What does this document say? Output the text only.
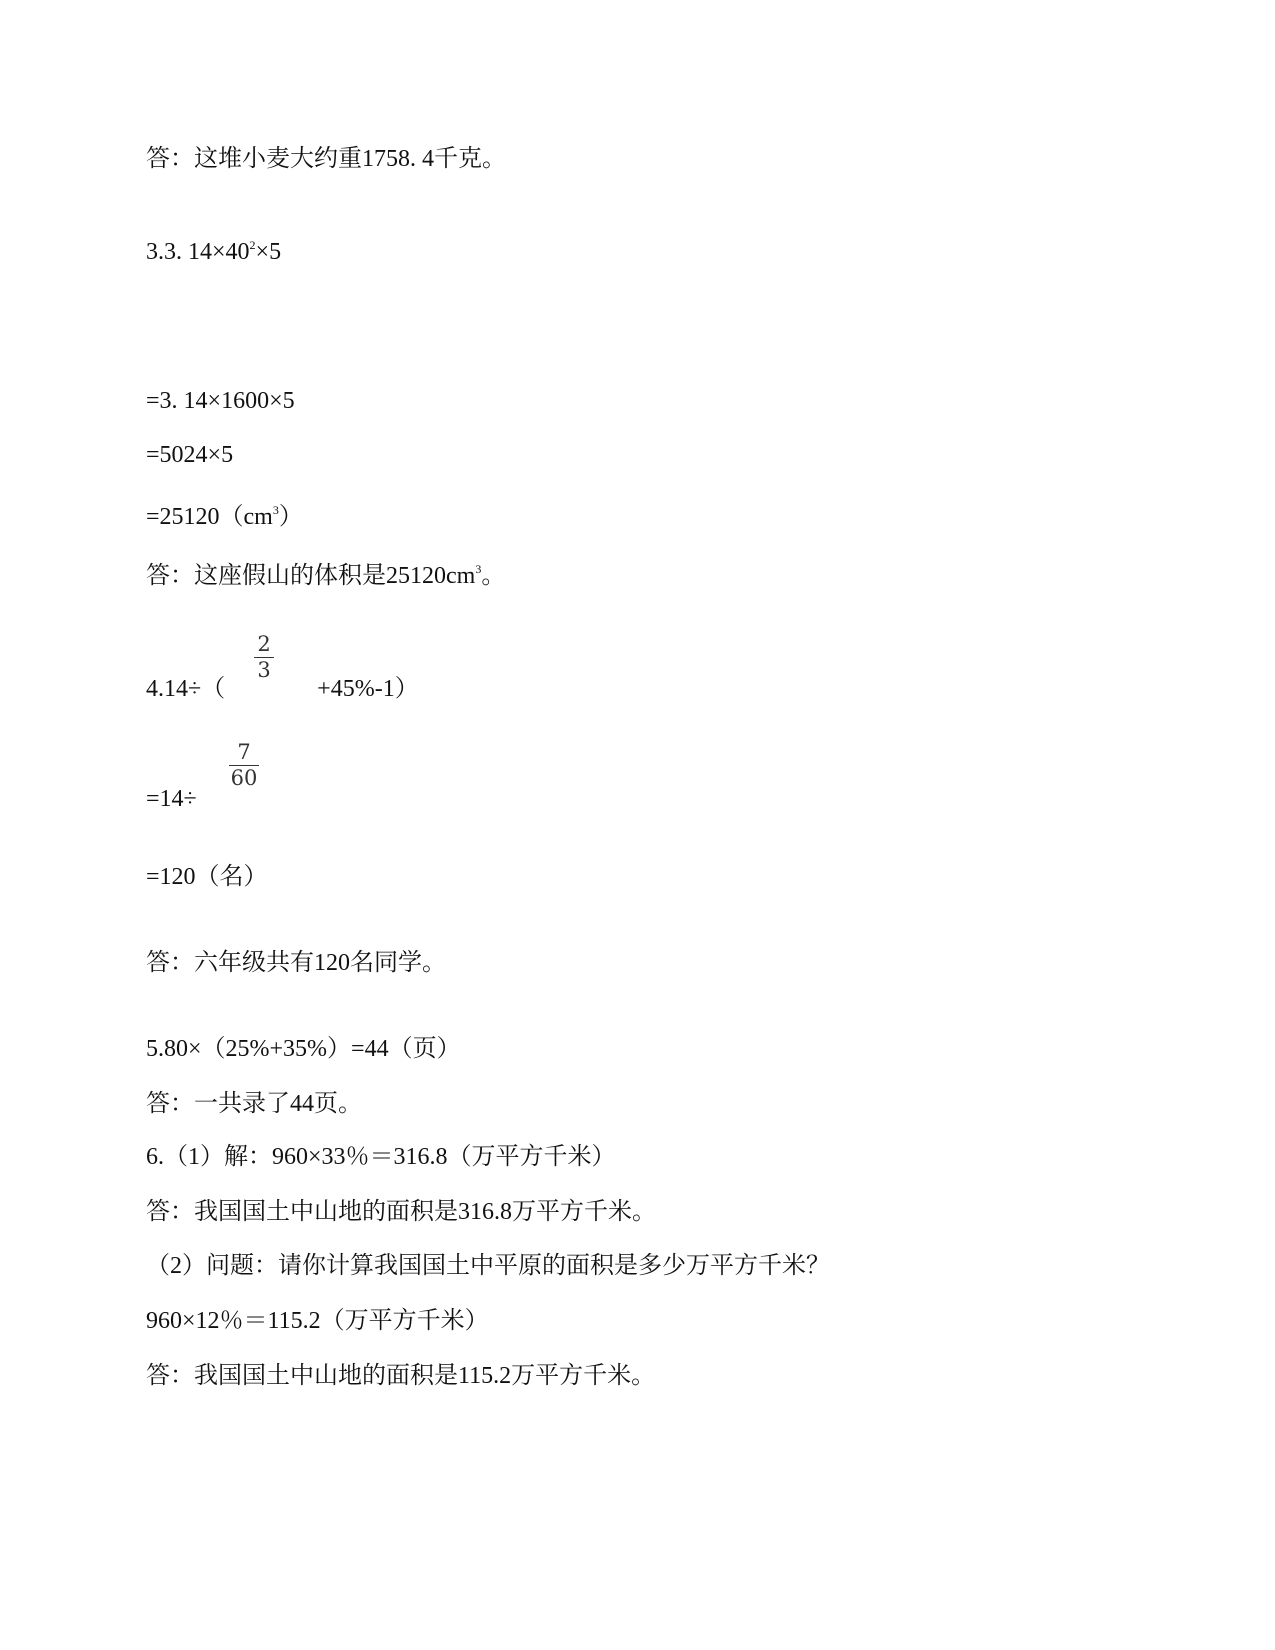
答：这堆小麦大约重1758. 4千克。
3.3. $14\times 40^2\times 5$
=3. 14×1600×5
=5024×5
$=25120(cm^3)$
答：这座假山的体积是$25120cm^3$。
4.14÷（	+45%-1）
2
3
=14÷
7
60
=120（名）
答：六年级共有120名同学。
5.80×（25%+35%）=44（页）
答：一共录了44页。
6.（1）解：960×33％＝316.8（万平方千米）
答：我国国土中山地的面积是316.8万平方千米。
（2）问题：请你计算我国国土中平原的面积是多少万平方千米？
960×12％＝115.2（万平方千米）
答：我国国土中山地的面积是115.2万平方千米。
